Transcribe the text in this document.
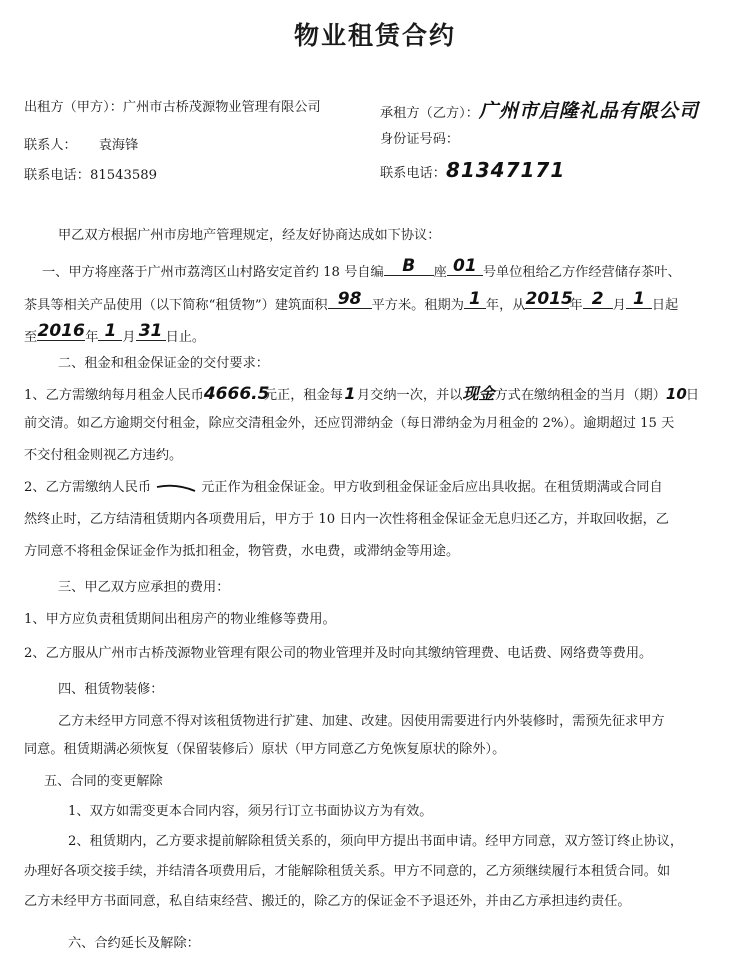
物业租赁合约
出租方（甲方）：广州市古桥茂源物业管理有限公司
联系人： 袁海锋
联系电话：81543589
承租方（乙方）：广州市启隆礼品有限公司
身份证号码：
联系电话：81347171
甲乙双方根据广州市房地产管理规定，经友好协商达成如下协议：
一、甲方将座落于广州市荔湾区山村路安定首约 18 号自编	B	座 01 号单位租给乙方作经营储存茶叶、
茶具等相关产品使用（以下简称“租赁物”）建筑面积 98 平方米。租期为 1 年，从 2015
年 2 月 1 日起
至 2016 年 1 月 31 日止。
二、租金和租金保证金的交付要求：
1、乙方需缴纳每月租金人民币4666.5元正，租金每1月交纳一次，并以现金方式在缴纳租金的当月（期）10日
前交清。如乙方逾期交付租金，除应交清租金外，还应罚滞纳金（每日滞纳金为月租金的 2%）。逾期超过 15 天
不交付租金则视乙方违约。
2、乙方需缴纳人民币	元正作为租金保证金。甲方收到租金保证金后应出具收据。在租赁期满或合同自
然终止时，乙方结清租赁期内各项费用后，甲方于 10 日内一次性将租金保证金无息归还乙方，并取回收据，乙
方同意不将租金保证金作为抵扣租金，物管费，水电费，或滞纳金等用途。
三、甲乙双方应承担的费用：
1、甲方应负责租赁期间出租房产的物业维修等费用。
2、乙方服从广州市古桥茂源物业管理有限公司的物业管理并及时向其缴纳管理费、电话费、网络费等费用。
四、租赁物装修：
乙方未经甲方同意不得对该租赁物进行扩建、加建、改建。因使用需要进行内外装修时，需预先征求甲方
同意。租赁期满必须恢复（保留装修后）原状（甲方同意乙方免恢复原状的除外）。
五、合同的变更解除
1、双方如需变更本合同内容，须另行订立书面协议方为有效。
2、租赁期内，乙方要求提前解除租赁关系的，须向甲方提出书面申请。经甲方同意，双方签订终止协议，
办理好各项交接手续，并结清各项费用后，才能解除租赁关系。甲方不同意的，乙方须继续履行本租赁合同。如
乙方未经甲方书面同意，私自结束经营、搬迁的，除乙方的保证金不予退还外，并由乙方承担违约责任。
六、合约延长及解除：
